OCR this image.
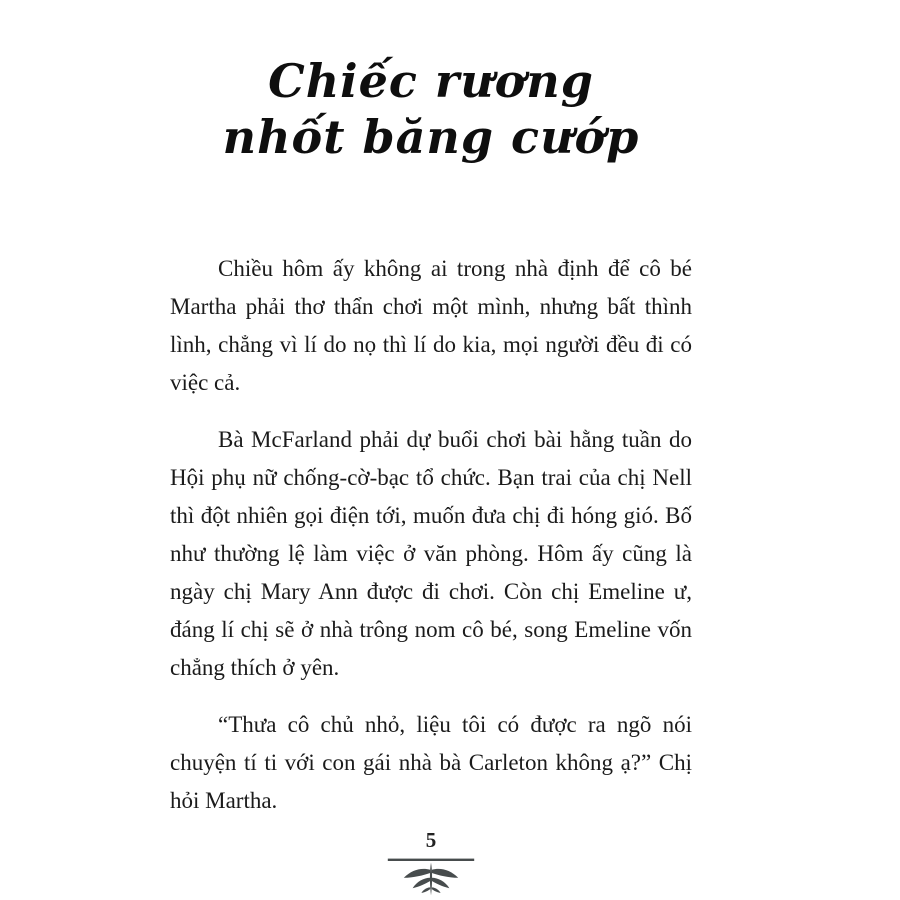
Chiếc rương
nhốt băng cướp

Chiều hôm ấy không ai trong nhà định để cô bé Martha phải thơ thẩn chơi một mình, nhưng bất thình lình, chẳng vì lí do nọ thì lí do kia, mọi người đều đi có việc cả.

Bà McFarland phải dự buổi chơi bài hằng tuần do Hội phụ nữ chống-cờ-bạc tổ chức. Bạn trai của chị Nell thì đột nhiên gọi điện tới, muốn đưa chị đi hóng gió. Bố như thường lệ làm việc ở văn phòng. Hôm ấy cũng là ngày chị Mary Ann được đi chơi. Còn chị Emeline ư, đáng lí chị sẽ ở nhà trông nom cô bé, song Emeline vốn chẳng thích ở yên.

“Thưa cô chủ nhỏ, liệu tôi có được ra ngõ nói chuyện tí ti với con gái nhà bà Carleton không ạ?” Chị hỏi Martha.

5
